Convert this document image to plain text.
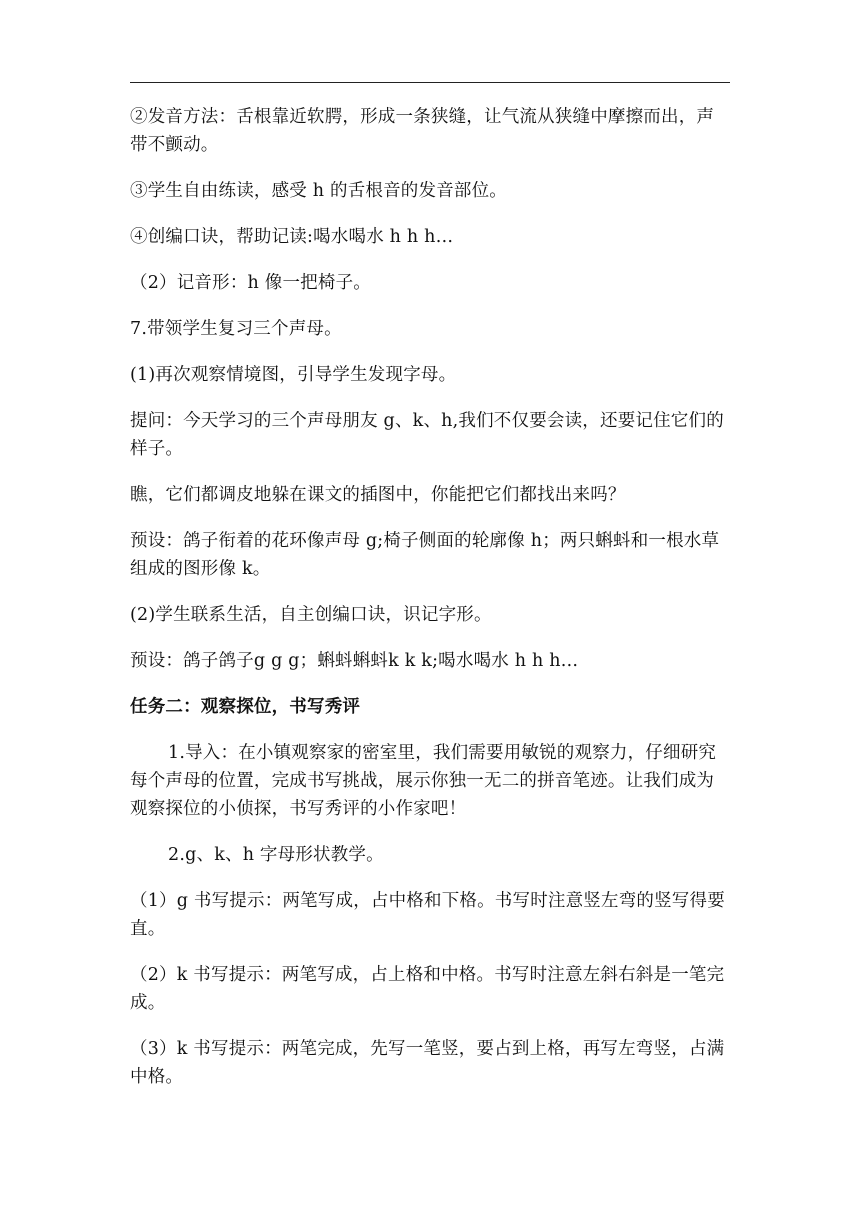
②发音方法：舌根靠近软腭，形成一条狭缝，让气流从狭缝中摩擦而出，声带不颤动。

③学生自由练读，感受 h 的舌根音的发音部位。

④创编口诀，帮助记读:喝水喝水 h h h…

（2）记音形：h 像一把椅子。

7.带领学生复习三个声母。

(1)再次观察情境图，引导学生发现字母。

提问：今天学习的三个声母朋友 g、k、h,我们不仅要会读，还要记住它们的样子。

瞧，它们都调皮地躲在课文的插图中，你能把它们都找出来吗？

预设：鸽子衔着的花环像声母 g;椅子侧面的轮廓像 h；两只蝌蚪和一根水草组成的图形像 k。

(2)学生联系生活，自主创编口诀，识记字形。

预设：鸽子鸽子g g g；蝌蚪蝌蚪k k k;喝水喝水 h h h…

任务二：观察探位，书写秀评

1.导入：在小镇观察家的密室里，我们需要用敏锐的观察力，仔细研究每个声母的位置，完成书写挑战，展示你独一无二的拼音笔迹。让我们成为观察探位的小侦探，书写秀评的小作家吧！

2.g、k、h 字母形状教学。

（1）g 书写提示：两笔写成，占中格和下格。书写时注意竖左弯的竖写得要直。

（2）k 书写提示：两笔写成，占上格和中格。书写时注意左斜右斜是一笔完成。

（3）k 书写提示：两笔完成，先写一笔竖，要占到上格，再写左弯竖，占满中格。
